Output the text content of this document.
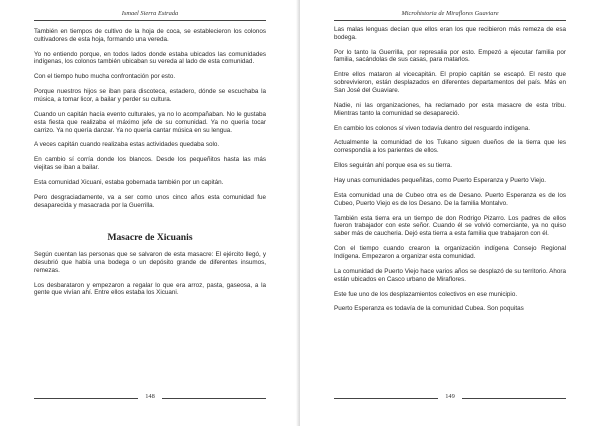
Ismael Sierra Estrada

También en tiempos de cultivo de la hoja de coca, se establecieron los colonos cultivadores de esta hoja, formando una vereda.

Yo no entiendo porque, en todos lados donde estaba ubicados las comunidades indígenas, los colonos también ubicaban su vereda al lado de esta comunidad.

Con el tiempo hubo mucha confrontación por esto.

Porque nuestros hijos se iban para discoteca, estadero, dónde se escuchaba la música, a tomar licor, a bailar y perder su cultura.

Cuando un capitán hacía evento culturales, ya no lo acompañaban. No le gustaba esta fiesta que realizaba el máximo jefe de su comunidad. Ya no quería tocar carrizo. Ya no quería danzar. Ya no quería cantar música en su lengua.

A veces capitán cuando realizaba estas actividades quedaba solo.

En cambio sí corría donde los blancos. Desde los pequeñitos hasta las más viejitas se iban a bailar.

Esta comunidad Xicuani, estaba gobernada también por un capitán.

Pero desgraciadamente, va a ser como unos cinco años esta comunidad fue desaparecida y masacrada por la Guerrilla.

Masacre de Xicuanis

Según cuentan las personas que se salvaron de esta masacre: El ejército llegó, y desubrió que había una bodega o un depósito grande de diferentes insumos, remezas.

Los desbarataron y empezaron a regalar lo que era arroz, pasta, gaseosa, a la gente que vivían ahí. Entre ellos estaba los Xicuani.

148
Microhistoria de Miraflores Guaviare

Las malas lenguas decían que ellos eran los que recibieron más remeza de esa bodega.

Por lo tanto la Guerrilla, por represalia por esto. Empezó a ejecutar familia por familia, sacándolas de sus casas, para matarlos.

Entre ellos mataron al vicecapitán. El propio capitán se escapó. El resto que sobrevivieron, están desplazados en diferentes departamentos del país. Más en San José del Guaviare.

Nadie, ni las organizaciones, ha reclamado por esta masacre de esta tribu. Mientras tanto la comunidad se desapareció.

En cambio los colonos sí viven todavía dentro del resguardo indígena.

Actualmente la comunidad de los Tukano siguen dueños de la tierra que les correspondía a los parientes de ellos.

Ellos seguirán ahí porque esa es su tierra.

Hay unas comunidades pequeñitas, como Puerto Esperanza y Puerto Viejo.

Esta comunidad una de Cubeo otra es de Desano. Puerto Esperanza es de los Cubeo, Puerto Viejo es de los Desano. De la familia Montalvo.

También esta tierra era un tiempo de don Rodrigo Pizarro. Los padres de ellos fueron trabajador con este señor. Cuando él se volvió comerciante, ya no quiso saber más de caucheria. Dejó esta tierra a esta familia que trabajaron con él.

Con el tiempo cuando crearon la organización indígena Consejo Regional Indígena. Empezaron a organizar esta comunidad.

La comunidad de Puerto Viejo hace varios años se desplazó de su territorio. Ahora están ubicados en Casco urbano de Miraflores.

Este fue uno de los desplazamientos colectivos en ese municipio.

Puerto Esperanza es todavía de la comunidad Cubea. Son poquitas

149
